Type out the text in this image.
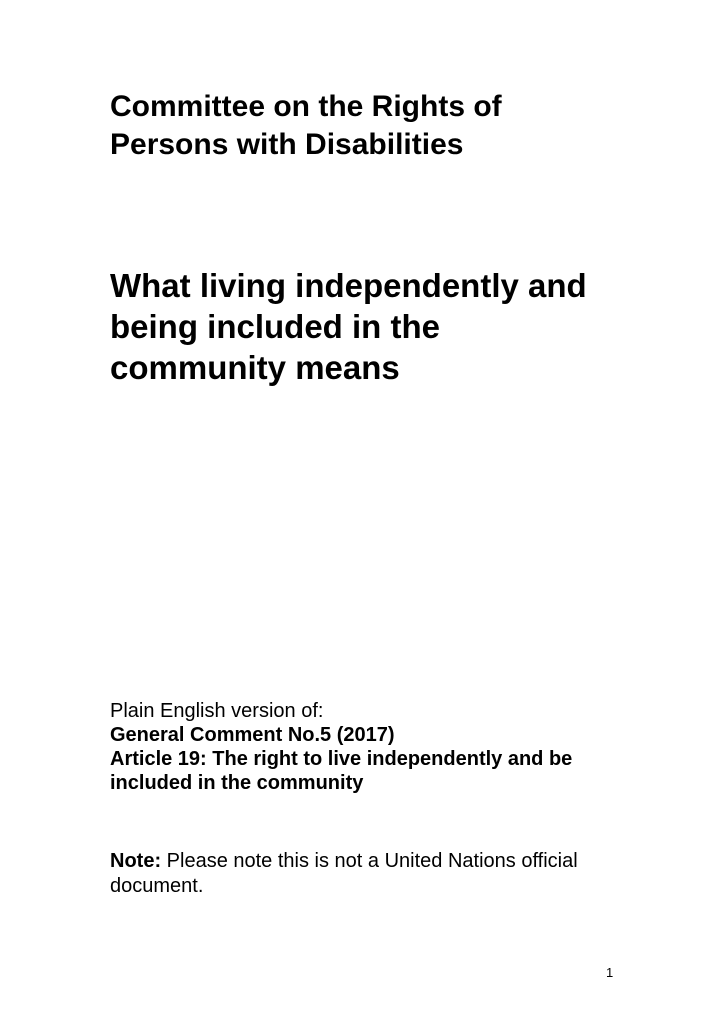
Committee on the Rights of
Persons with Disabilities
What living independently and
being included in the
community means
Plain English version of:
General Comment No.5 (2017)
Article 19: The right to live independently and be
included in the community
Note: Please note this is not a United Nations official
document.
1
